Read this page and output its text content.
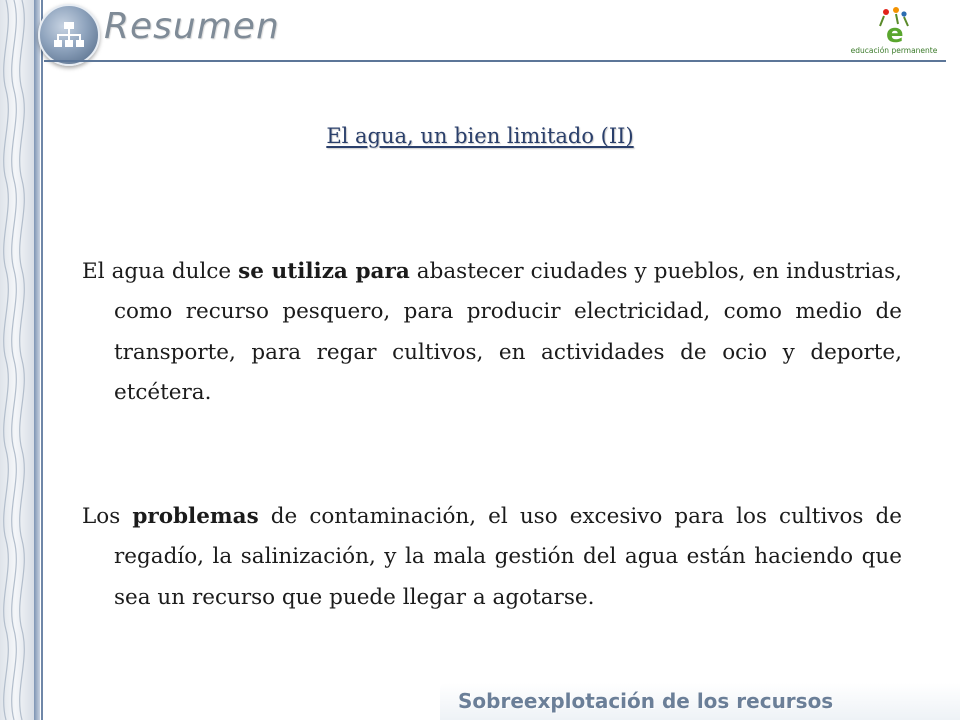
Resumen	e
educación permanente
El agua, un bien limitado (II)

El agua dulce se utiliza para abastecer ciudades y pueblos, en industrias, como recurso pesquero, para producir electricidad, como medio de transporte, para regar cultivos, en actividades de ocio y deporte, etcétera.

Los problemas de contaminación, el uso excesivo para los cultivos de regadío, la salinización, y la mala gestión del agua están haciendo que sea un recurso que puede llegar a agotarse.

Sobreexplotación de los recursos
